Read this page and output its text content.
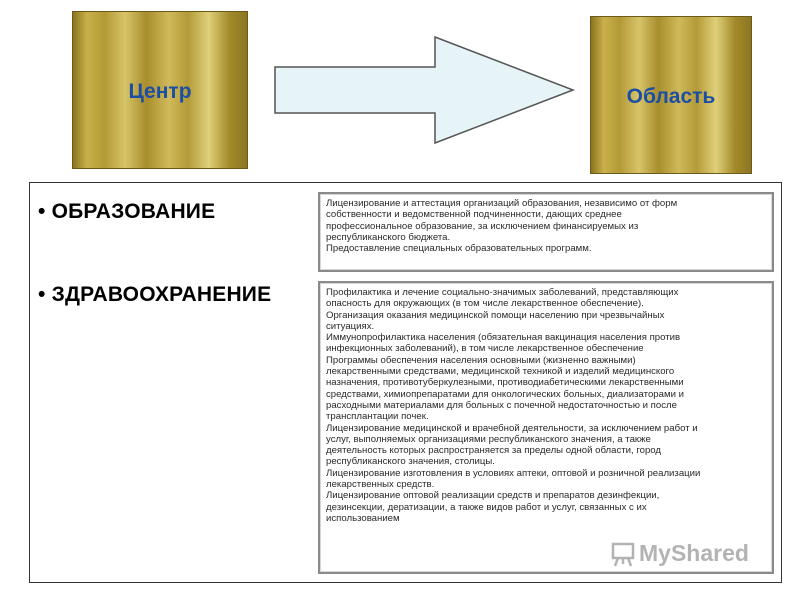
Центр	Область
• ОБРАЗОВАНИЕ
• ЗДРАВООХРАНЕНИЕ

Лицензирование и аттестация организаций образования, независимо от форм

собственности и ведомственной подчиненности, дающих среднее

профессиональное образование, за исключением финансируемых из

республиканского бюджета.

Предоставление специальных образовательных программ.

Профилактика и лечение социально-значимых заболеваний, представляющих

опасность для окружающих (в том числе лекарственное обеспечение).

Организация оказания медицинской помощи населению при чрезвычайных

ситуациях.

Иммунопрофилактика населения (обязательная вакцинация населения против

инфекционных заболеваний), в том числе лекарственное обеспечение

Программы обеспечения населения основными (жизненно важными)

лекарственными средствами, медицинской техникой и изделий медицинского

назначения, противотуберкулезными, противодиабетическими лекарственными

средствами, химиопрепаратами для онкологических больных, диализаторами и

расходными материалами для больных с почечной недостаточностью и после

трансплантации почек.

Лицензирование медицинской и врачебной деятельности, за исключением работ и

услуг, выполняемых организациями республиканского значения, а также

деятельность которых распространяется за пределы одной области, город

республиканского значения, столицы.

Лицензирование изготовления в условиях аптеки, оптовой и розничной реализации

лекарственных средств.

Лицензирование оптовой реализации средств и препаратов дезинфекции,

дезинсекции, дератизации, а также видов работ и услуг, связанных с их

использованием

MyShared
